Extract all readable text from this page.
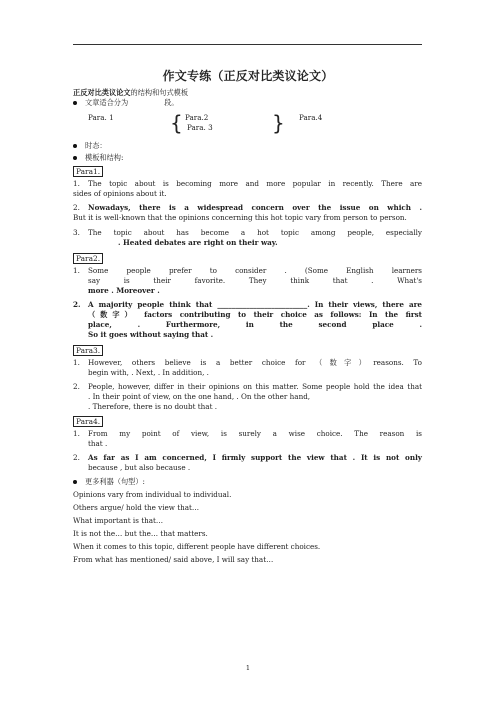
作文专练（正反对比类议论文）
正反对比类议论文的结构和句式模板
文章适合分为　　　　　段。
Para. 1	{ Para.2
Para. 3	} Para.4
时态：
模板和结构:
Para1.
1. The topic about is becoming more and more popular in recently. There are
sides of opinions about it.
2. Nowadays, there is a widespread concern over the issue on which .
But it is well-known that the opinions concerning this hot topic vary from person to person.
3. The topic about has become a hot topic among people, especially
. Heated debates are right on their way.
Para2.
1. Some people prefer to consider . (Some English learners
say is their favorite. They think that . What's
more . Moreover .
2. A majority people think that _________________________. In their views, there are
（数字） factors contributing to their choice as follows: In the first
place, . Furthermore, in the second place .
So it goes without saying that .
Para3.
1. However, others believe is a better choice for （数字）reasons. To
begin with, . Next, . In addition, .
2. People, however, differ in their opinions on this matter. Some people hold the idea that
. In their point of view, on the one hand, . On the other hand,
. Therefore, there is no doubt that .
Para4.
1. From my point of view, is surely a wise choice. The reason is
that .
2. As far as I am concerned, I firmly support the view that . It is not only
because , but also because .
更多利器（句型）:
Opinions vary from individual to individual.
Others argue/ hold the view that…
What important is that…
It is not the… but the… that matters.
When it comes to this topic, different people have different choices.
From what has mentioned/ said above, I will say that…
1
